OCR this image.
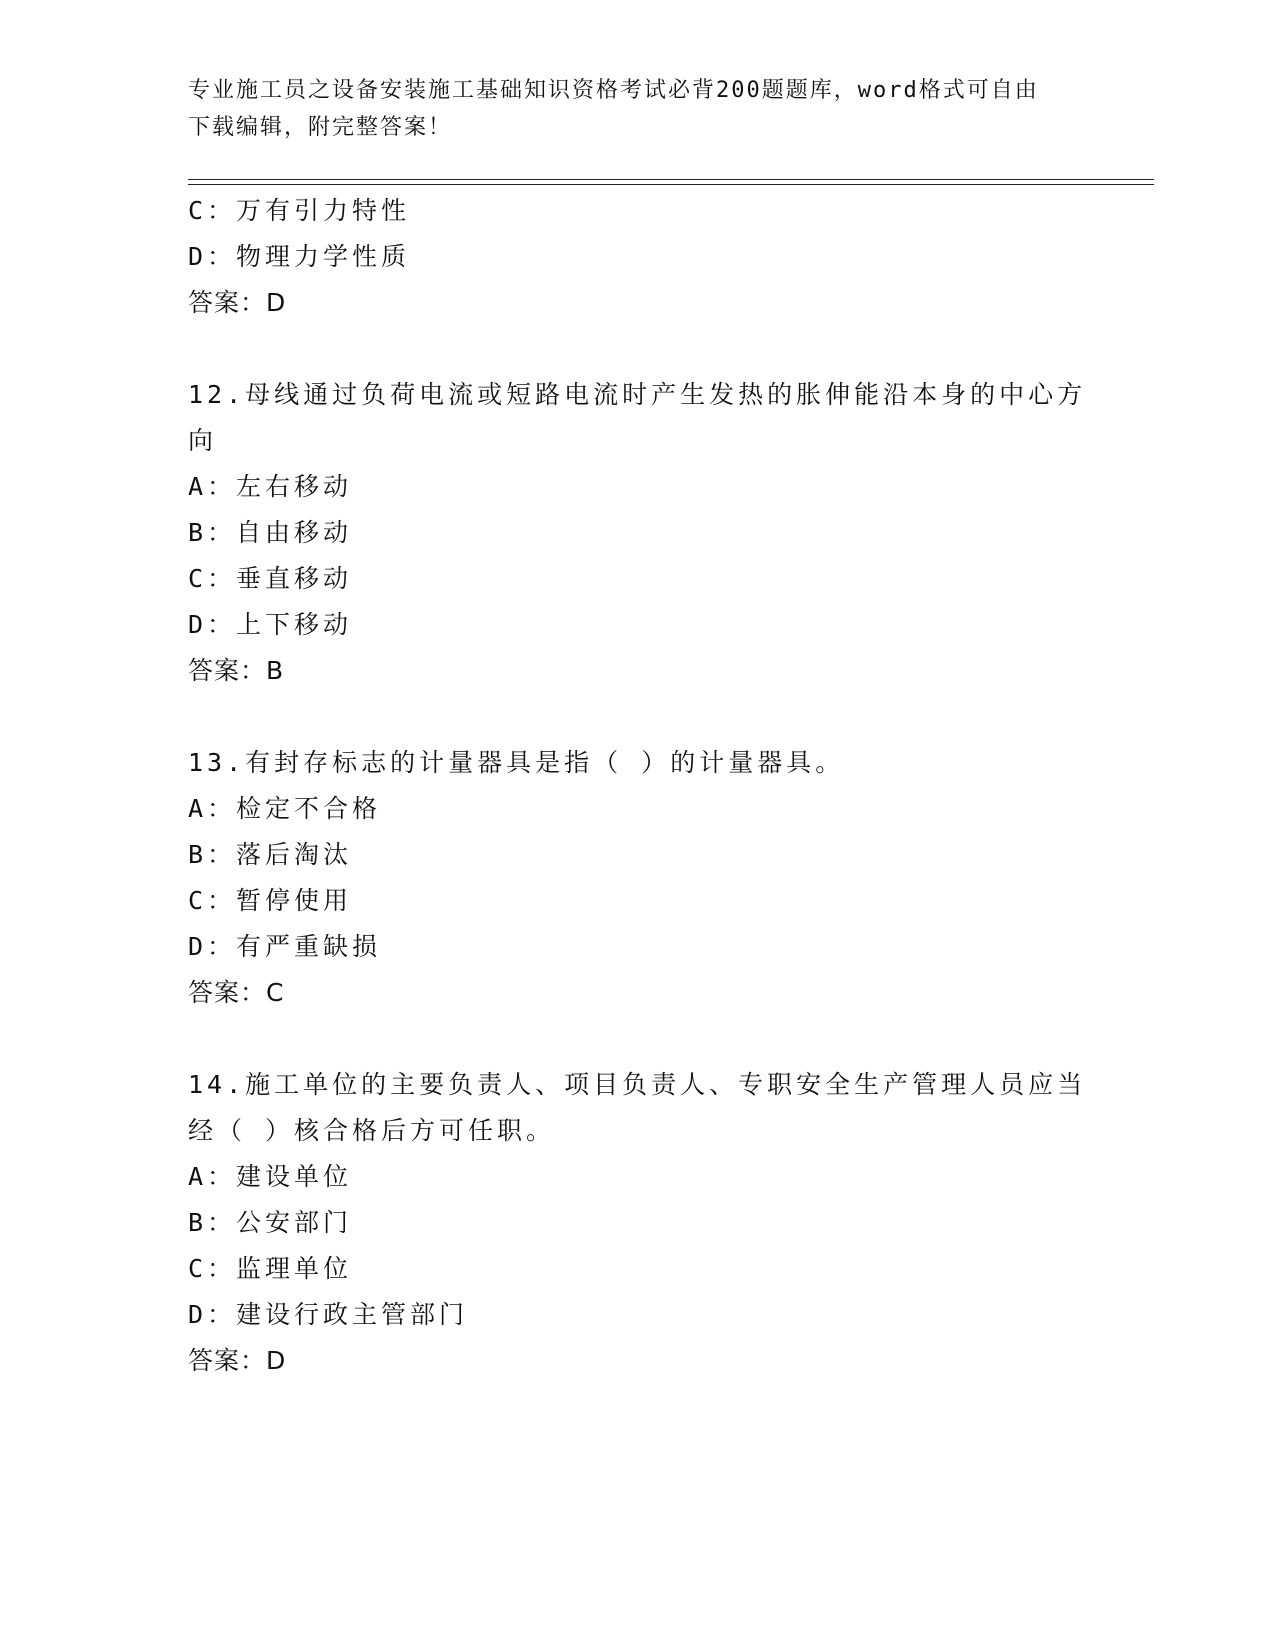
专业施工员之设备安装施工基础知识资格考试必背200题题库，word格式可自由
下载编辑，附完整答案！
C：万有引力特性
D：物理力学性质
答案：D
12.母线通过负荷电流或短路电流时产生发热的胀伸能沿本身的中心方
向
A：左右移动
B：自由移动
C：垂直移动
D：上下移动
答案：B
13.有封存标志的计量器具是指（ ）的计量器具。
A：检定不合格
B：落后淘汰
C：暂停使用
D：有严重缺损
答案：C
14.施工单位的主要负责人、项目负责人、专职安全生产管理人员应当
经（ ）核合格后方可任职。
A：建设单位
B：公安部门
C：监理单位
D：建设行政主管部门
答案：D
